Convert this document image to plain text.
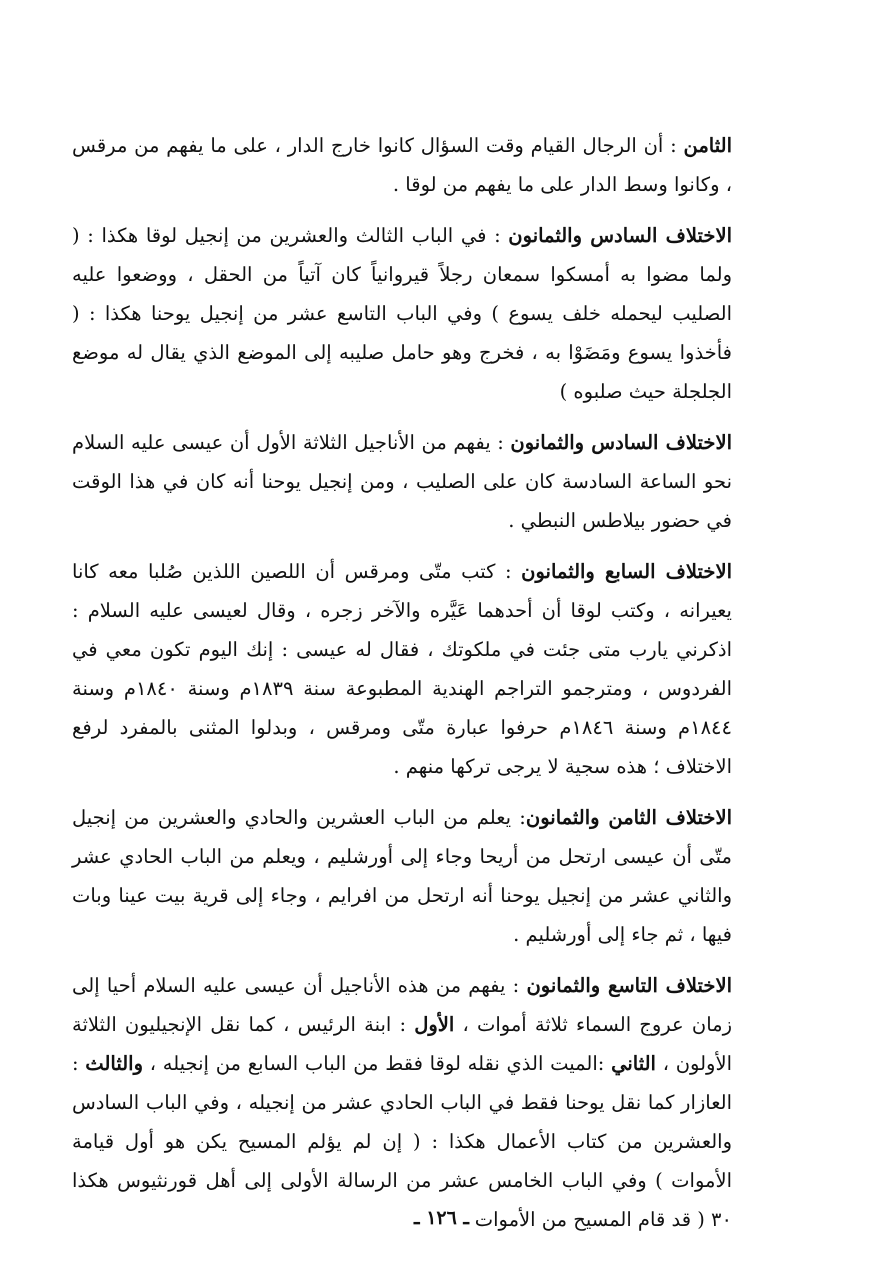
الثامن : أن الرجال القيام وقت السؤال كانوا خارج الدار ، على ما يفهم من مرقس ، وكانوا وسط الدار على ما يفهم من لوقا .

الاختلاف السادس والثمانون : في الباب الثالث والعشرين من إنجيل لوقا هكذا : ( ولما مضوا به أمسكوا سمعان رجلاً قيروانياً كان آتياً من الحقل ، ووضعوا عليه الصليب ليحمله خلف يسوع ) وفي الباب التاسع عشر من إنجيل يوحنا هكذا : ( فأخذوا يسوع ومَضَوْا به ، فخرج وهو حامل صليبه إلى الموضع الذي يقال له موضع الجلجلة حيث صلبوه )

الاختلاف السادس والثمانون : يفهم من الأناجيل الثلاثة الأول أن عيسى عليه السلام نحو الساعة السادسة كان على الصليب ، ومن إنجيل يوحنا أنه كان في هذا الوقت في حضور بيلاطس النبطي .

الاختلاف السابع والثمانون : كتب متّى ومرقس أن اللصين اللذين صُلبا معه كانا يعيرانه ، وكتب لوقا أن أحدهما عَيَّره والآخر زجره ، وقال لعيسى عليه السلام : اذكرني يارب متى جئت في ملكوتك ، فقال له عيسى : إنك اليوم تكون معي في الفردوس ، ومترجمو التراجم الهندية المطبوعة سنة ١٨٣٩م وسنة ١٨٤٠م وسنة ١٨٤٤م وسنة ١٨٤٦م حرفوا عبارة متّى ومرقس ، وبدلوا المثنى بالمفرد لرفع الاختلاف ؛ هذه سجية لا يرجى تركها منهم .

الاختلاف الثامن والثمانون: يعلم من الباب العشرين والحادي والعشرين من إنجيل متّى أن عيسى ارتحل من أريحا وجاء إلى أورشليم ، ويعلم من الباب الحادي عشر والثاني عشر من إنجيل يوحنا أنه ارتحل من افرايم ، وجاء إلى قرية بيت عينا وبات فيها ، ثم جاء إلى أورشليم .

الاختلاف التاسع والثمانون : يفهم من هذه الأناجيل أن عيسى عليه السلام أحيا إلى زمان عروج السماء ثلاثة أموات ، الأول : ابنة الرئيس ، كما نقل الإنجيليون الثلاثة الأولون ، الثاني :الميت الذي نقله لوقا فقط من الباب السابع من إنجيله ، والثالث : العازار كما نقل يوحنا فقط في الباب الحادي عشر من إنجيله ، وفي الباب السادس والعشرين من كتاب الأعمال هكذا : ( إن لم يؤلم المسيح يكن هو أول قيامة الأموات ) وفي الباب الخامس عشر من الرسالة الأولى إلى أهل قورنثيوس هكذا ٣٠ ( قد قام المسيح من الأموات

ـ ١٢٦ ـ
